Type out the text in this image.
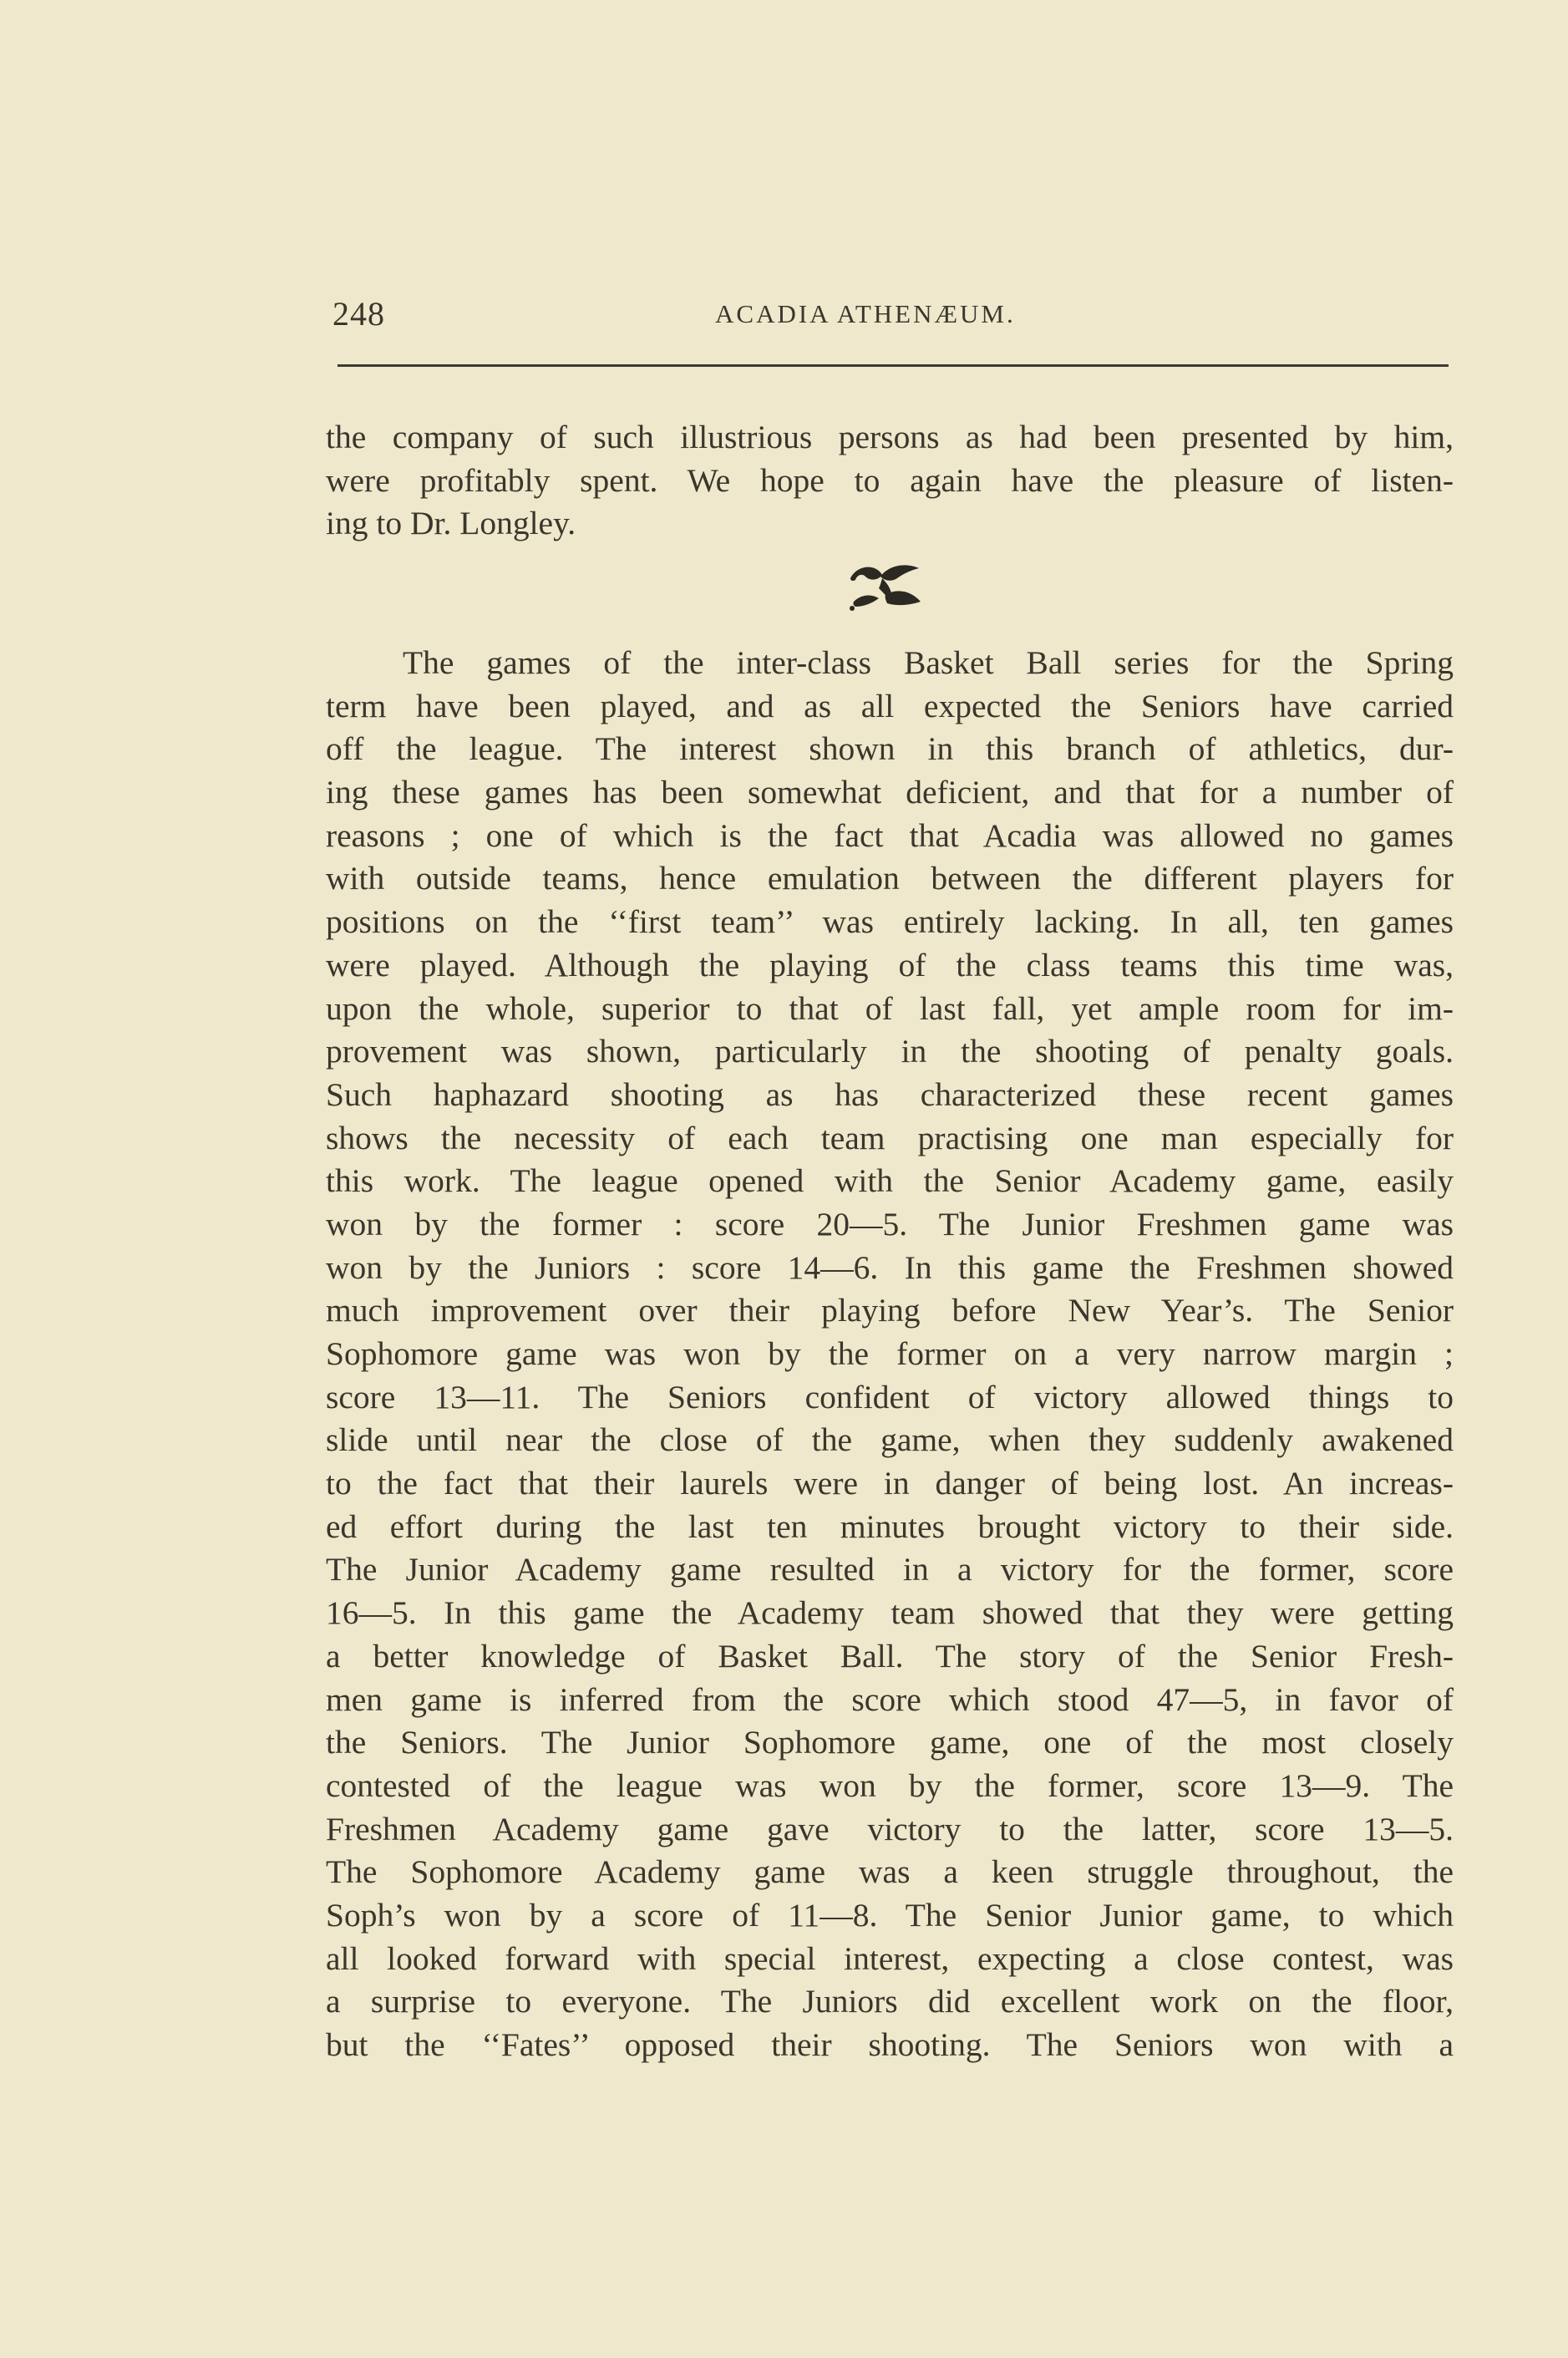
248	ACADIA ATHENÆUM.
the company of such illustrious persons as had been presented by him,
were profitably spent. We hope to again have the pleasure of listen-
ing to Dr. Longley.
The games of the inter-class Basket Ball series for the Spring
term have been played, and as all expected the Seniors have carried
off the league. The interest shown in this branch of athletics, dur-
ing these games has been somewhat deficient, and that for a number of
reasons ; one of which is the fact that Acadia was allowed no games
with outside teams, hence emulation between the different players for
positions on the ‘‘first team’’ was entirely lacking. In all, ten games
were played. Although the playing of the class teams this time was,
upon the whole, superior to that of last fall, yet ample room for im-
provement was shown, particularly in the shooting of penalty goals.
Such haphazard shooting as has characterized these recent games
shows the necessity of each team practising one man especially for
this work. The league opened with the Senior Academy game, easily
won by the former : score 20—5. The Junior Freshmen game was
won by the Juniors : score 14—6. In this game the Freshmen showed
much improvement over their playing before New Year’s. The Senior
Sophomore game was won by the former on a very narrow margin ;
score 13—11. The Seniors confident of victory allowed things to
slide until near the close of the game, when they suddenly awakened
to the fact that their laurels were in danger of being lost. An increas-
ed effort during the last ten minutes brought victory to their side.
The Junior Academy game resulted in a victory for the former, score
16—5. In this game the Academy team showed that they were getting
a better knowledge of Basket Ball. The story of the Senior Fresh-
men game is inferred from the score which stood 47—5, in favor of
the Seniors. The Junior Sophomore game, one of the most closely
contested of the league was won by the former, score 13—9. The
Freshmen Academy game gave victory to the latter, score 13—5.
The Sophomore Academy game was a keen struggle throughout, the
Soph’s won by a score of 11—8. The Senior Junior game, to which
all looked forward with special interest, expecting a close contest, was
a surprise to everyone. The Juniors did excellent work on the floor,
but the ‘‘Fates’’ opposed their shooting. The Seniors won with a
